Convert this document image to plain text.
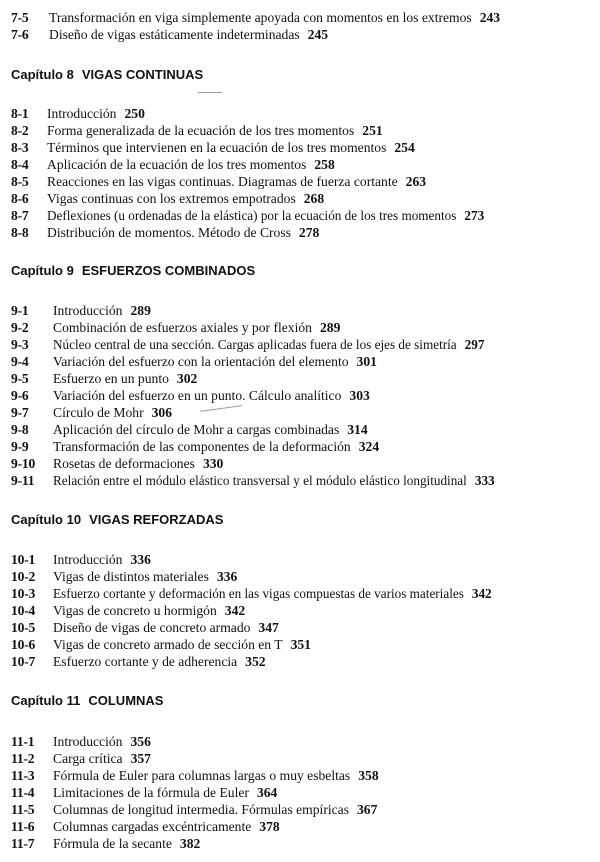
7-5 Transformación en viga simplemente apoyada con momentos en los extremos 243
7-6 Diseño de vigas estáticamente indeterminadas 245
Capítulo 8 VIGAS CONTINUAS
8-1 Introducción 250
8-2 Forma generalizada de la ecuación de los tres momentos 251
8-3 Términos que intervienen en la ecuación de los tres momentos 254
8-4 Aplicación de la ecuación de los tres momentos 258
8-5 Reacciones en las vigas continuas. Diagramas de fuerza cortante 263
8-6 Vigas continuas con los extremos empotrados 268
8-7 Deflexiones (u ordenadas de la elástica) por la ecuación de los tres momentos 273
8-8 Distribución de momentos. Método de Cross 278
Capítulo 9 ESFUERZOS COMBINADOS
9-1 Introducción 289
9-2 Combinación de esfuerzos axiales y por flexión 289
9-3 Núcleo central de una sección. Cargas aplicadas fuera de los ejes de simetría 297
9-4 Variación del esfuerzo con la orientación del elemento 301
9-5 Esfuerzo en un punto 302
9-6 Variación del esfuerzo en un punto. Cálculo analítico 303
9-7 Círculo de Mohr 306
9-8 Aplicación del círculo de Mohr a cargas combinadas 314
9-9 Transformación de las componentes de la deformación 324
9-10 Rosetas de deformaciones 330
9-11 Relación entre el módulo elástico transversal y el módulo elástico longitudinal 333
Capítulo 10 VIGAS REFORZADAS
10-1 Introducción 336
10-2 Vigas de distintos materiales 336
10-3 Esfuerzo cortante y deformación en las vigas compuestas de varios materiales 342
10-4 Vigas de concreto u hormigón 342
10-5 Diseño de vigas de concreto armado 347
10-6 Vigas de concreto armado de sección en T 351
10-7 Esfuerzo cortante y de adherencia 352
Capítulo 11 COLUMNAS
11-1 Introducción 356
11-2 Carga crítica 357
11-3 Fórmula de Euler para columnas largas o muy esbeltas 358
11-4 Limitaciones de la fórmula de Euler 364
11-5 Columnas de longitud intermedia. Fórmulas empíricas 367
11-6 Columnas cargadas excéntricamente 378
11-7 Fórmula de la secante 382
